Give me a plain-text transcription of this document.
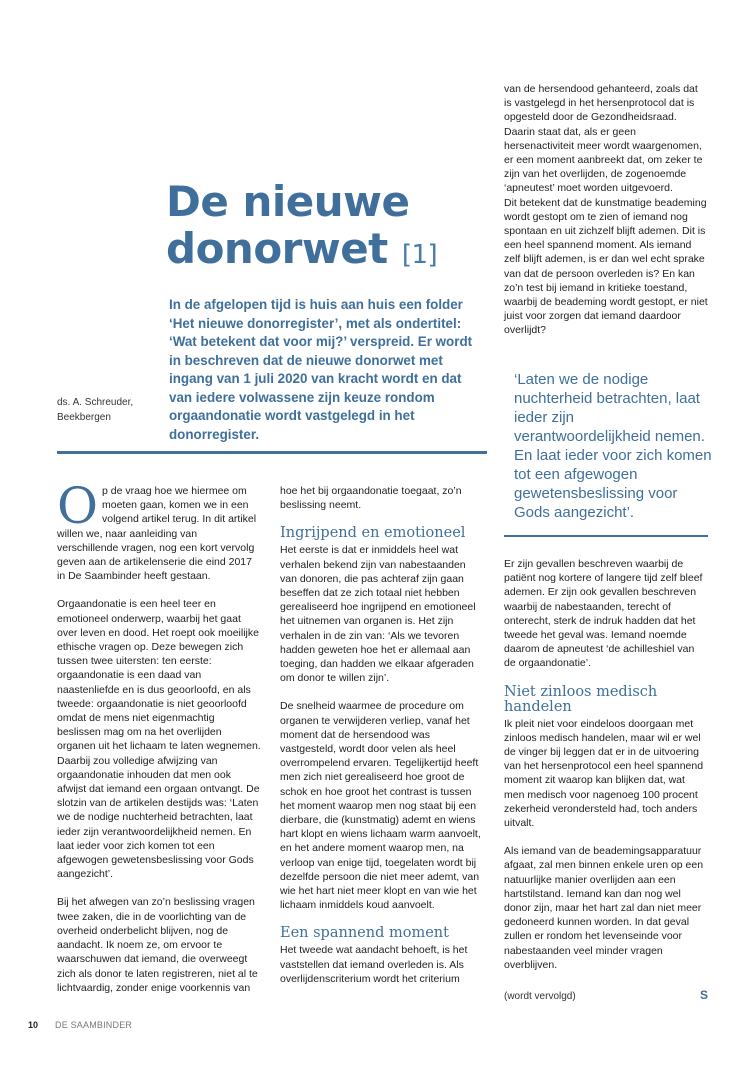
De nieuwe donorwet [1]

In de afgelopen tijd is huis aan huis een folder ‘Het nieuwe donorregister’, met als ondertitel: ‘Wat betekent dat voor mij?’ verspreid. Er wordt in beschreven dat de nieuwe donorwet met ingang van 1 juli 2020 van kracht wordt en dat van iedere volwassene zijn keuze rondom orgaandonatie wordt vastgelegd in het donorregister.

ds. A. Schreuder,
Beekbergen

Op de vraag hoe we hiermee om moeten gaan, komen we in een volgend artikel terug. In dit artikel willen we, naar aanleiding van verschillende vragen, nog een kort vervolg geven aan de artikelenserie die eind 2017 in De Saambinder heeft gestaan.

Orgaandonatie is een heel teer en emotioneel onderwerp, waarbij het gaat over leven en dood. Het roept ook moeilijke ethische vragen op. Deze bewegen zich tussen twee uitersten: ten eerste: orgaandonatie is een daad van naastenliefde en is dus geoorloofd, en als tweede: orgaandonatie is niet geoorloofd omdat de mens niet eigenmachtig beslissen mag om na het overlijden organen uit het lichaam te laten wegnemen. Daarbij zou volledige afwijzing van orgaandonatie inhouden dat men ook afwijst dat iemand een orgaan ontvangt. De slotzin van de artikelen destijds was: ‘Laten we de nodige nuchterheid betrachten, laat ieder zijn verantwoordelijkheid nemen. En laat ieder voor zich komen tot een afgewogen gewetensbeslissing voor Gods aangezicht’.

Bij het afwegen van zo’n beslissing vragen twee zaken, die in de voorlichting van de overheid onderbelicht blijven, nog de aandacht. Ik noem ze, om ervoor te waarschuwen dat iemand, die overweegt zich als donor te laten registreren, niet al te lichtvaardig, zonder enige voorkennis van

hoe het bij orgaandonatie toegaat, zo’n beslissing neemt.

Ingrijpend en emotioneel

Het eerste is dat er inmiddels heel wat verhalen bekend zijn van nabestaanden van donoren, die pas achteraf zijn gaan beseffen dat ze zich totaal niet hebben gerealiseerd hoe ingrijpend en emotioneel het uitnemen van organen is. Het zijn verhalen in de zin van: ‘Als we tevoren hadden geweten hoe het er allemaal aan toeging, dan hadden we elkaar afgeraden om donor te willen zijn’.

De snelheid waarmee de procedure om organen te verwijderen verliep, vanaf het moment dat de hersendood was vastgesteld, wordt door velen als heel overrompelend ervaren. Tegelijkertijd heeft men zich niet gerealiseerd hoe groot de schok en hoe groot het contrast is tussen het moment waarop men nog staat bij een dierbare, die (kunstmatig) ademt en wiens hart klopt en wiens lichaam warm aanvoelt, en het andere moment waarop men, na verloop van enige tijd, toegelaten wordt bij dezelfde persoon die niet meer ademt, van wie het hart niet meer klopt en van wie het lichaam inmiddels koud aanvoelt.

Een spannend moment

Het tweede wat aandacht behoeft, is het vaststellen dat iemand overleden is. Als overlijdenscriterium wordt het criterium

van de hersendood gehanteerd, zoals dat is vastgelegd in het hersenprotocol dat is opgesteld door de Gezondheidsraad. Daarin staat dat, als er geen hersenactiviteit meer wordt waargenomen, er een moment aanbreekt dat, om zeker te zijn van het overlijden, de zogenoemde ‘apneutest’ moet worden uitgevoerd.

Dit betekent dat de kunstmatige beademing wordt gestopt om te zien of iemand nog spontaan en uit zichzelf blijft ademen. Dit is een heel spannend moment. Als iemand zelf blijft ademen, is er dan wel echt sprake van dat de persoon overleden is? En kan zo’n test bij iemand in kritieke toestand, waarbij de beademing wordt gestopt, er niet juist voor zorgen dat iemand daardoor overlijdt?

‘Laten we de nodige nuchterheid betrachten, laat ieder zijn verantwoordelijkheid nemen. En laat ieder voor zich komen tot een afgewogen gewetensbeslissing voor Gods aangezicht’.

Er zijn gevallen beschreven waarbij de patiënt nog kortere of langere tijd zelf bleef ademen. Er zijn ook gevallen beschreven waarbij de nabestaanden, terecht of onterecht, sterk de indruk hadden dat het tweede het geval was. Iemand noemde daarom de apneutest ‘de achilleshiel van de orgaandonatie’.

Niet zinloos medisch handelen

Ik pleit niet voor eindeloos doorgaan met zinloos medisch handelen, maar wil er wel de vinger bij leggen dat er in de uitvoering van het hersenprotocol een heel spannend moment zit waarop kan blijken dat, wat men medisch voor nagenoeg 100 procent zekerheid verondersteld had, toch anders uitvalt.

Als iemand van de beademingsapparatuur afgaat, zal men binnen enkele uren op een natuurlijke manier overlijden aan een hartstilstand. Iemand kan dan nog wel donor zijn, maar het hart zal dan niet meer gedoneerd kunnen worden. In dat geval zullen er rondom het levenseinde voor nabestaanden veel minder vragen overblijven.

(wordt vervolgd)	S
10 DE SAAMBINDER
